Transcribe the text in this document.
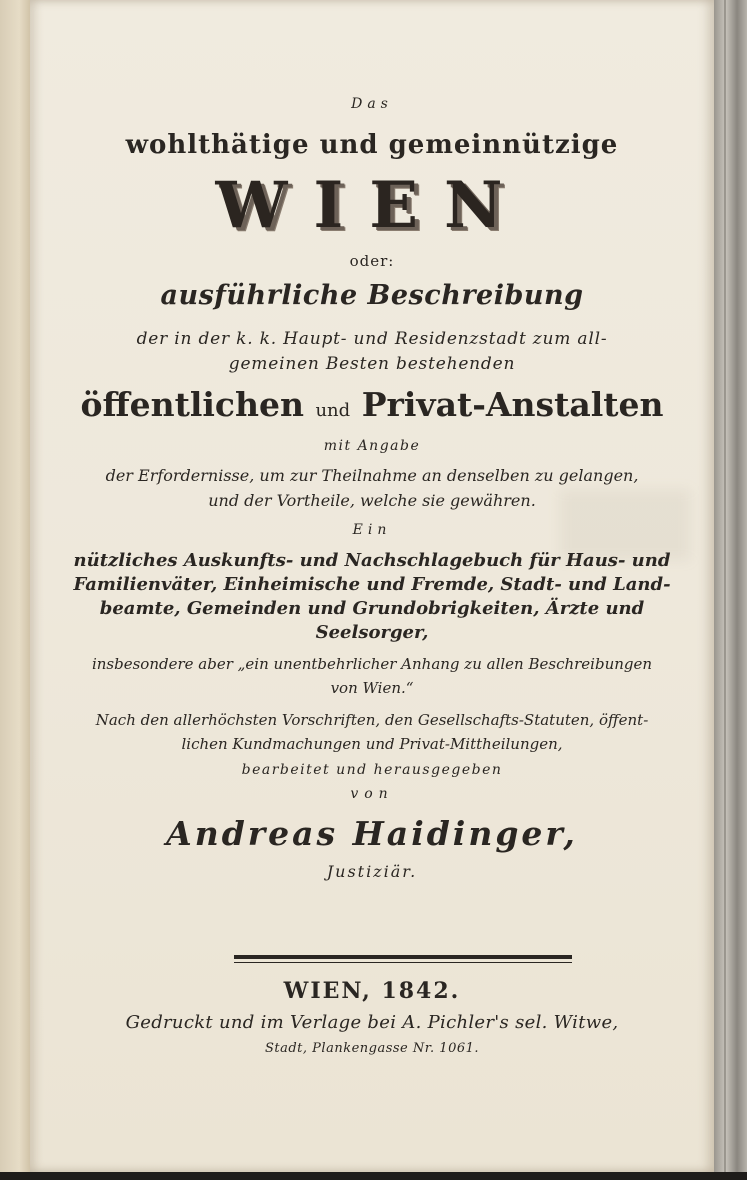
Das
wohlthätige und gemeinnützige
WIEN
oder:
ausführliche Beschreibung
der in der k. k. Haupt- und Residenzstadt zum all-
gemeinen Besten bestehenden
öffentlichen und Privat-Anstalten
mit Angabe
der Erfordernisse, um zur Theilnahme an denselben zu gelangen,
und der Vortheile, welche sie gewähren.
Ein
nützliches Auskunfts- und Nachschlagebuch für Haus- und
Familienväter, Einheimische und Fremde, Stadt- und Land-
beamte, Gemeinden und Grundobrigkeiten, Ärzte und
Seelsorger,
insbesondere aber „ein unentbehrlicher Anhang zu allen Beschreibungen
von Wien.“
Nach den allerhöchsten Vorschriften, den Gesellschafts-Statuten, öffent-
lichen Kundmachungen und Privat-Mittheilungen,
bearbeitet und herausgegeben
von
Andreas Haidinger,
Justiziär.
WIEN, 1842.
Gedruckt und im Verlage bei A. Pichler's sel. Witwe,
Stadt, Plankengasse Nr. 1061.
